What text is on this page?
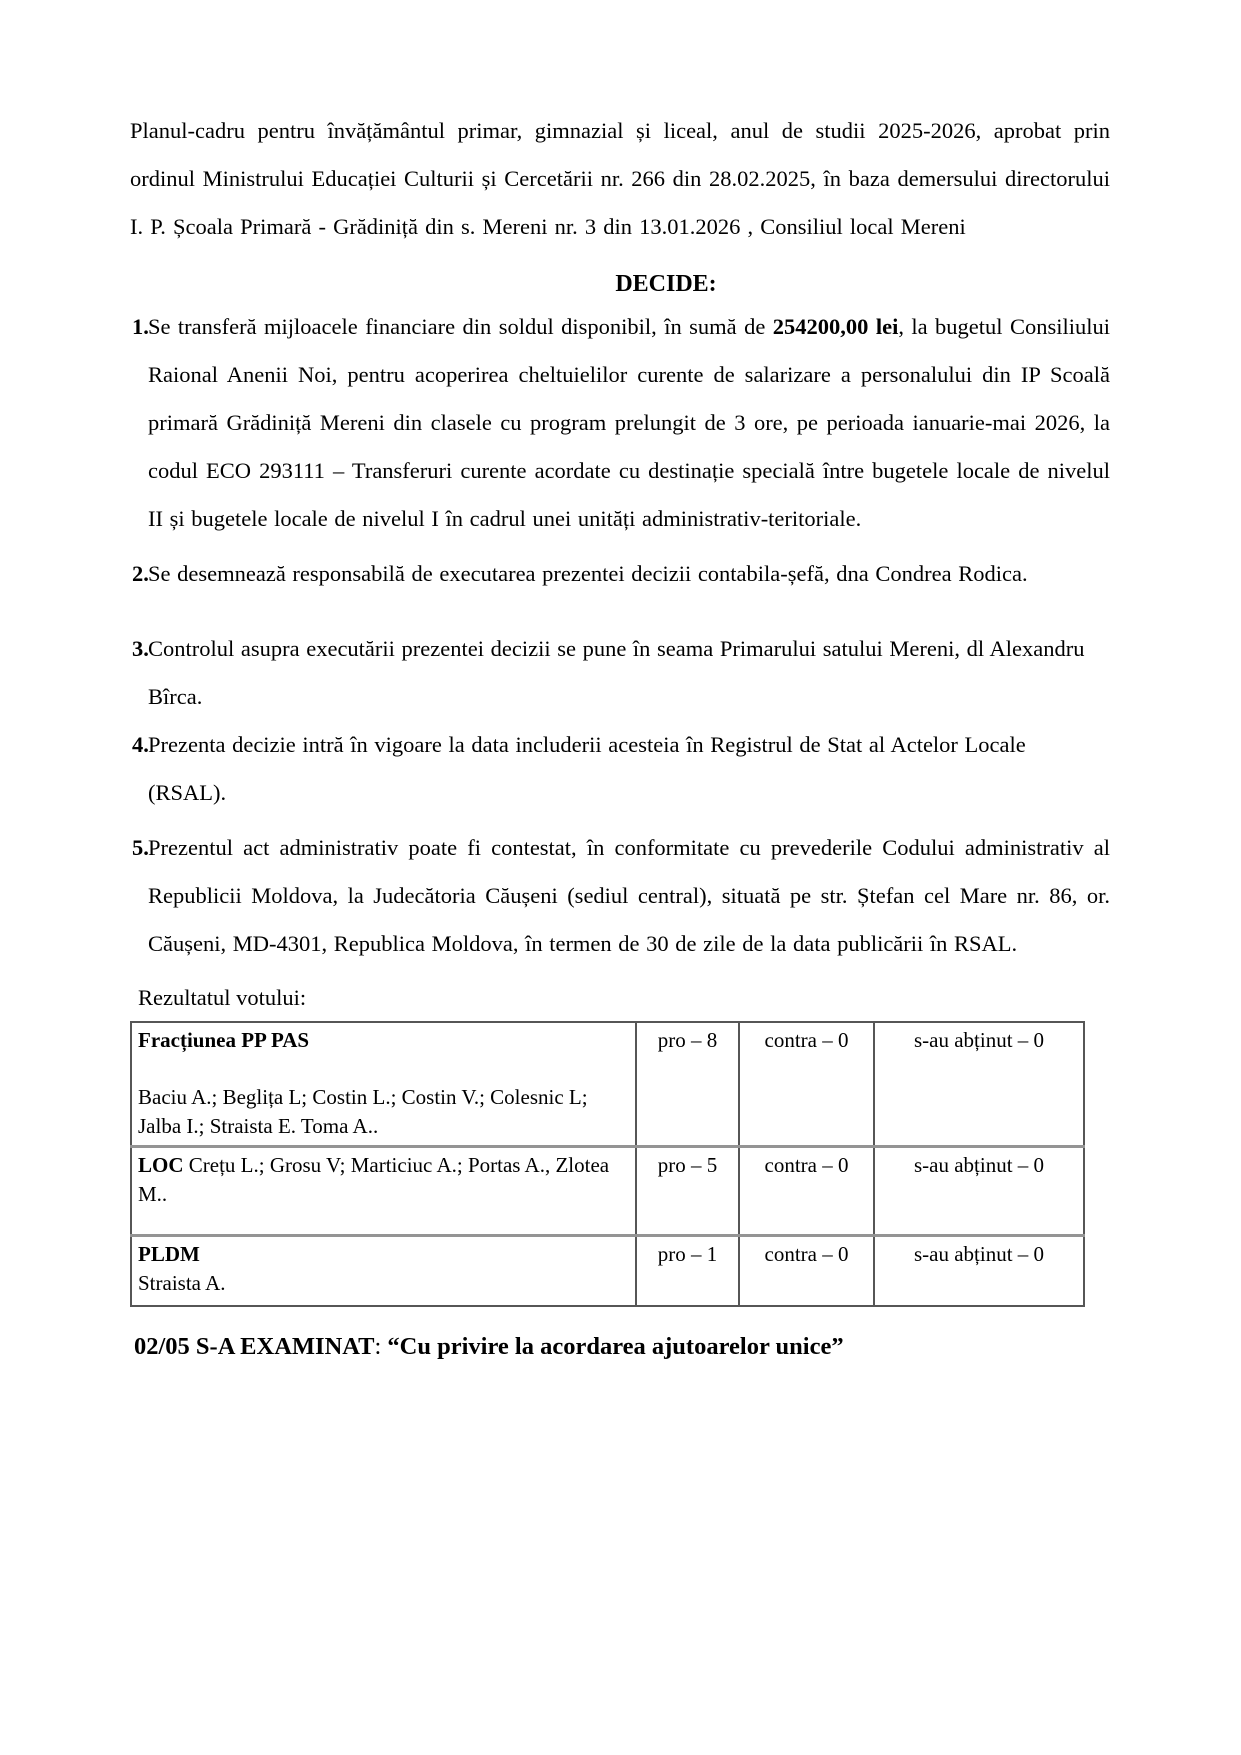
Planul-cadru pentru învățământul primar, gimnazial și liceal, anul de studii 2025-2026, aprobat prin ordinul Ministrului Educației Culturii și Cercetării nr. 266 din 28.02.2025, în baza demersului directorului I. P. Școala Primară - Grădiniță din s. Mereni nr. 3 din 13.01.2026 , Consiliul local Mereni

DECIDE:
1. Se transferă mijloacele financiare din soldul disponibil, în sumă de 254200,00 lei, la bugetul Consiliului Raional Anenii Noi, pentru acoperirea cheltuielilor curente de salarizare a personalului din IP Scoală primară Grădiniță Mereni din clasele cu program prelungit de 3 ore, pe perioada ianuarie-mai 2026, la codul ECO 293111 – Transferuri curente acordate cu destinație specială între bugetele locale de nivelul II și bugetele locale de nivelul I în cadrul unei unități administrativ-teritoriale.
2. Se desemnează responsabilă de executarea prezentei decizii contabila-șefă, dna Condrea Rodica.
3. Controlul asupra executării prezentei decizii se pune în seama Primarului satului Mereni, dl Alexandru Bîrca.
4. Prezenta decizie intră în vigoare la data includerii acesteia în Registrul de Stat al Actelor Locale (RSAL).
5. Prezentul act administrativ poate fi contestat, în conformitate cu prevederile Codului administrativ al Republicii Moldova, la Judecătoria Căușeni (sediul central), situată pe str. Ștefan cel Mare nr. 86, or. Căușeni, MD-4301, Republica Moldova, în termen de 30 de zile de la data publicării în RSAL.
Rezultatul votului:
Fracțiunea PP PAS
Baciu A.; Beglița L; Costin L.; Costin V.; Colesnic L; Jalba I.; Straista E. Toma A..	pro – 8	contra – 0	s-au abținut – 0
LOC Crețu L.; Grosu V; Marticiuc A.; Portas A., Zlotea M..	pro – 5	contra – 0	s-au abținut – 0

PLDM
Straista A.	pro – 1	contra – 0	s-au abținut – 0

02/05 S-A EXAMINAT: “Cu privire la acordarea ajutoarelor unice”
